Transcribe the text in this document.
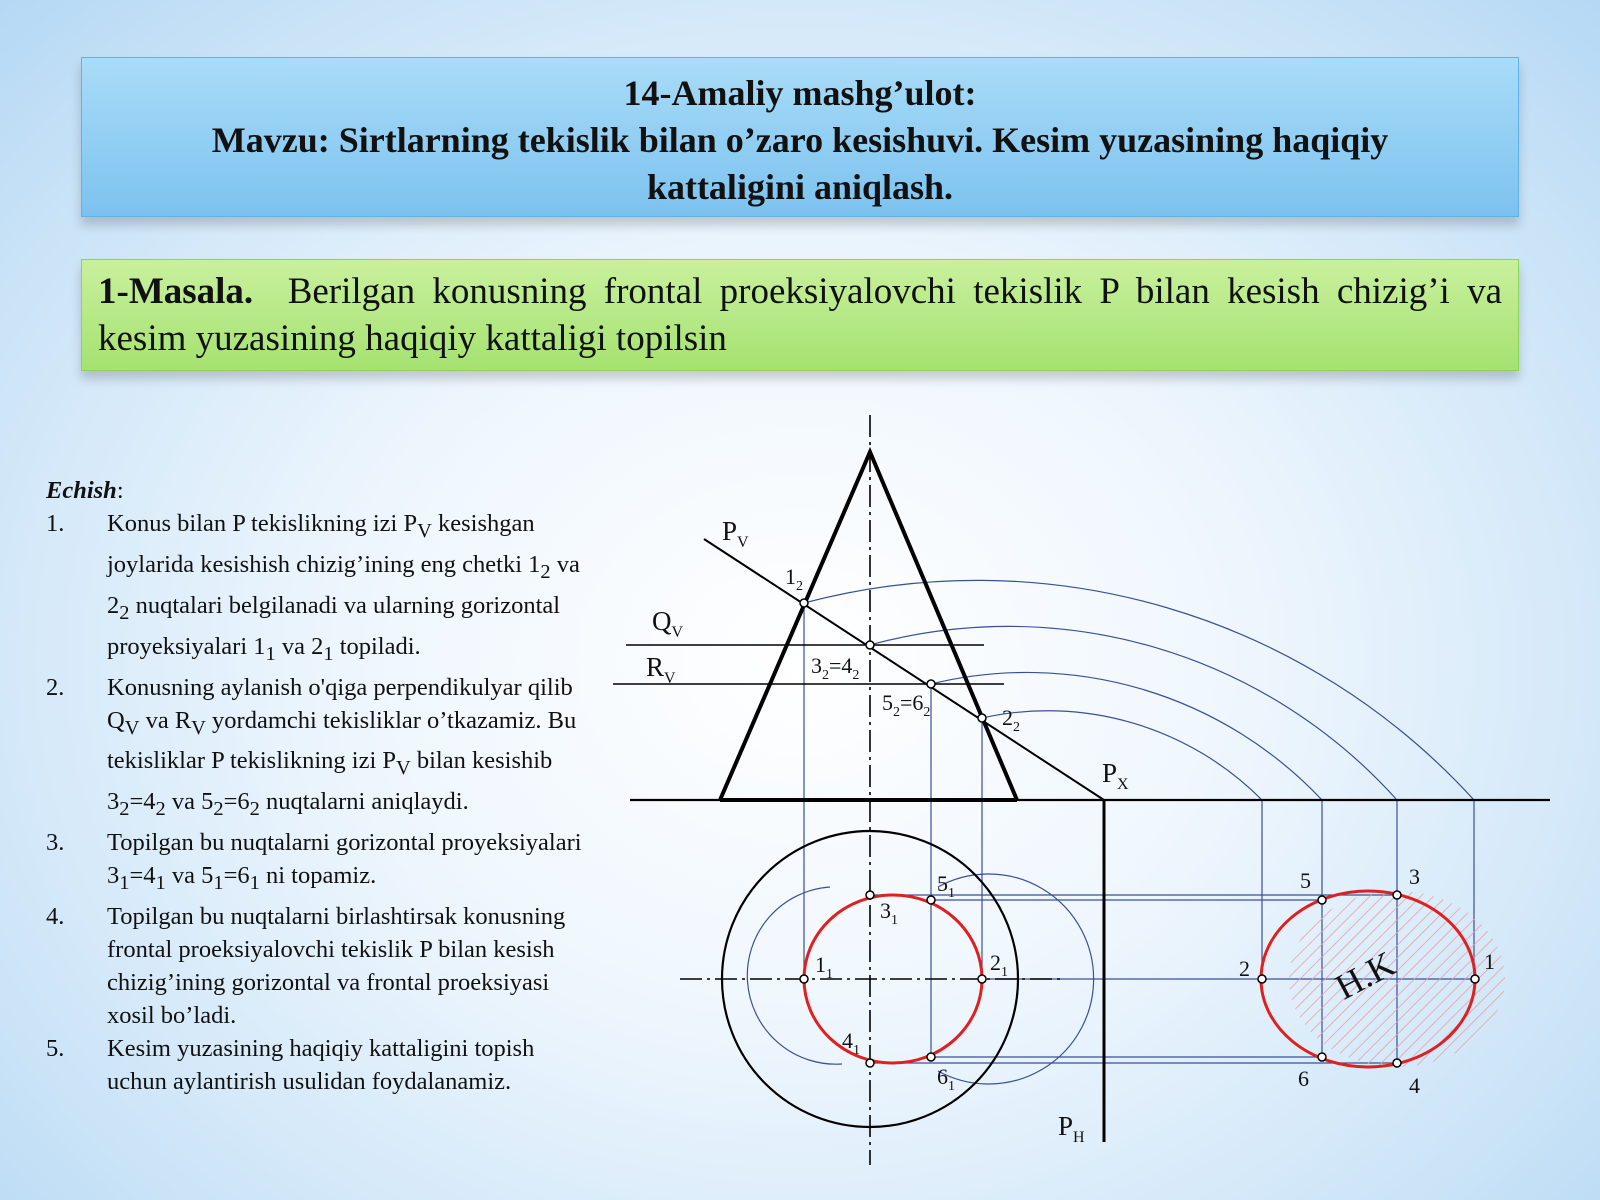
14-Amaliy mashg’ulot:
Mavzu: Sirtlarning tekislik bilan o’zaro kesishuvi. Kesim yuzasining haqiqiy
kattaligini aniqlash.
1-Masala. Berilgan konusning frontal proeksiyalovchi tekislik P bilan kesish chizig’i va kesim yuzasining haqiqiy kattaligi topilsin
Echish:
1. Konus bilan P tekislikning izi $P_V$ kesishgan joylarida kesishish chizig’ining eng chetki $1_2$ va $2_2$ nuqtalari belgilanadi va ularning gorizontal proyeksiyalari $1_1$ va $2_1$ topiladi.
2. Konusning aylanish o'qiga perpendikulyar qilib $Q_V$ va $R_V$ yordamchi tekisliklar o’tkazamiz. Bu tekisliklar P tekislikning izi $P_V$ bilan kesishib $3_2=4_2$ va $5_2=6_2$ nuqtalarni aniqlaydi.
3. Topilgan bu nuqtalarni gorizontal proyeksiyalari $3_1=4_1$ va $5_1=6_1$ ni topamiz.
4. Topilgan bu nuqtalarni birlashtirsak konusning frontal proeksiyalovchi tekislik P bilan kesish chizig’ining gorizontal va frontal proeksiyasi xosil bo’ladi.
5. Kesim yuzasining haqiqiy kattaligini topish uchun aylantirish usulidan foydalanamiz.
$P_V$
$Q_V$
$R_V$
$P_X$
$P_H$
$1_2$
$2_2$
$3_2=4_2$
$5_2=6_2$
$1_1$	$2_1$
$3_1$
$4_1$
$5_1$
$6_1$
1
2
3
4
5
6
H.K
